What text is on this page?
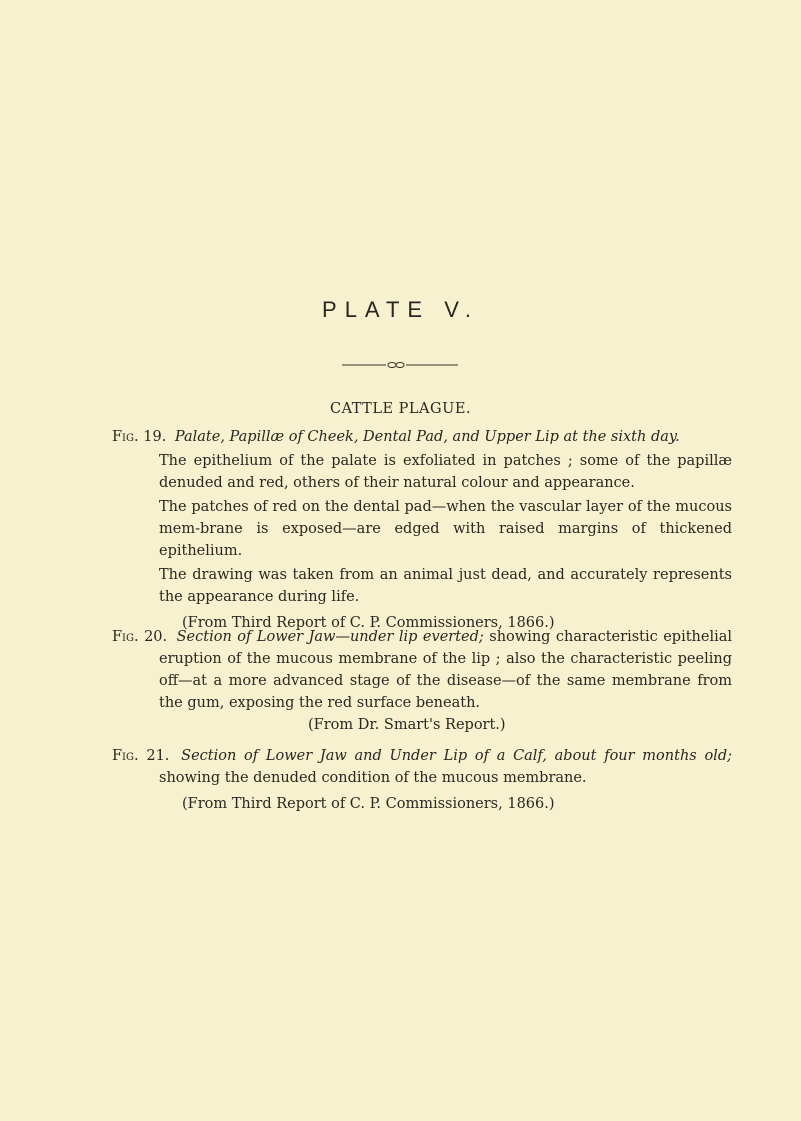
PLATE V.
CATTLE PLAGUE.
Fig. 19. Palate, Papillæ of Cheek, Dental Pad, and Upper Lip at the sixth day.
The epithelium of the palate is exfoliated in patches ; some of the papillæ denuded and red, others of their natural colour and appearance.
The patches of red on the dental pad—when the vascular layer of the mucous mem-brane is exposed—are edged with raised margins of thickened epithelium.
The drawing was taken from an animal just dead, and accurately represents the appearance during life.
(From Third Report of C. P. Commissioners, 1866.)
Fig. 20. Section of Lower Jaw—under lip everted; showing characteristic epithelial eruption of the mucous membrane of the lip ; also the characteristic peeling off—at a more advanced stage of the disease—of the same membrane from the gum, exposing the red surface beneath.
(From Dr. Smart's Report.)
Fig. 21. Section of Lower Jaw and Under Lip of a Calf, about four months old; showing the denuded condition of the mucous membrane.
(From Third Report of C. P. Commissioners, 1866.)
